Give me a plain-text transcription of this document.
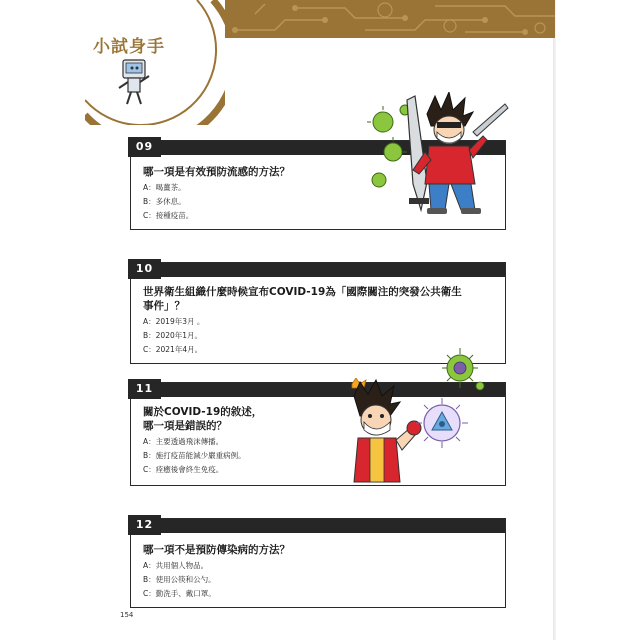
小試身手
09
哪一項是有效預防流感的方法？
A：喝薑茶。
B：多休息。
C：接種疫苗。
10
世界衛生組織什麼時候宣布COVID-19為「國際關注的突發公共衛生
事件」？
A：2019年3月 。
B：2020年1月。
C：2021年4月。
11
關於COVID-19的敘述，
哪一項是錯誤的？
A：主要透過飛沫傳播。
B：施打疫苗能減少嚴重病例。
C：痊癒後會終生免疫。
12
哪一項不是預防傳染病的方法？
A：共用個人物品。
B：使用公筷和公勺。
C：勤洗手、戴口罩。
154
